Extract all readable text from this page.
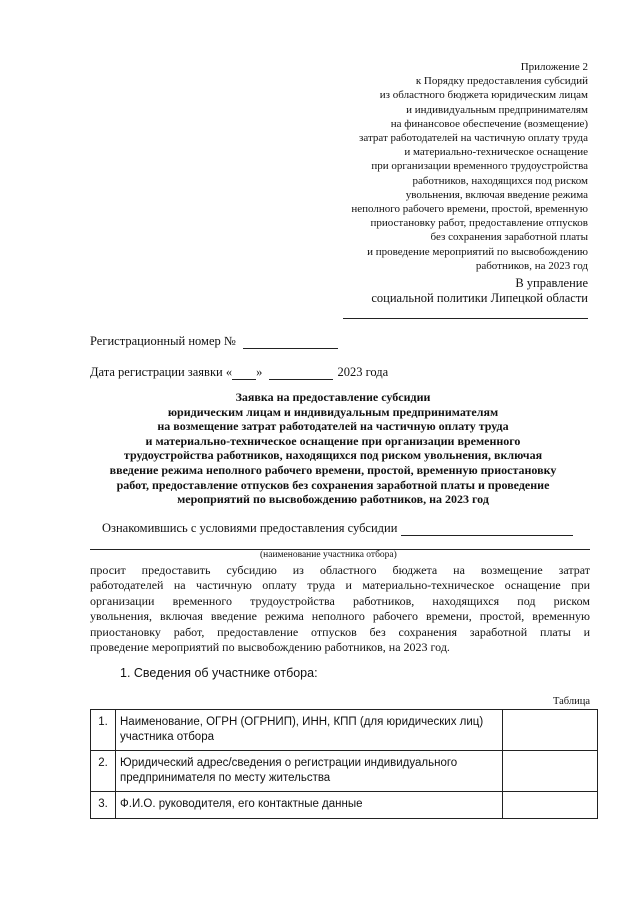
Приложение 2
к Порядку предоставления субсидий
из областного бюджета юридическим лицам
и индивидуальным предпринимателям
на финансовое обеспечение (возмещение)
затрат работодателей на частичную оплату труда
и материально-техническое оснащение
при организации временного трудоустройства
работников, находящихся под риском
увольнения, включая введение режима
неполного рабочего времени, простой, временную
приостановку работ, предоставление отпусков
без сохранения заработной платы
и проведение мероприятий по высвобождению
работников, на 2023 год
В управление
социальной политики Липецкой области
Регистрационный номер №
Дата регистрации заявки « »	2023 года
Заявка на предоставление субсидии
юридическим лицам и индивидуальным предпринимателям
на возмещение затрат работодателей на частичную оплату труда
и материально-техническое оснащение при организации временного
трудоустройства работников, находящихся под риском увольнения, включая
введение режима неполного рабочего времени, простой, временную приостановку
работ, предоставление отпусков без сохранения заработной платы и проведение
мероприятий по высвобождению работников, на 2023 год
Ознакомившись с условиями предоставления субсидии
(наименование участника отбора)
просит предоставить субсидию из областного бюджета на возмещение затрат
работодателей на частичную оплату труда и материально-техническое оснащение при
организации временного трудоустройства работников, находящихся под риском
увольнения, включая введение режима неполного рабочего времени, простой, временную
приостановку работ, предоставление отпусков без сохранения заработной платы и
проведение мероприятий по высвобождению работников, на 2023 год.
1. Сведения об участнике отбора:
Таблица
1.	Наименование, ОГРН (ОГРНИП), ИНН, КПП (для юридических лиц) участника отбора	
2.	Юридический адрес/сведения о регистрации индивидуального предпринимателя по месту жительства	
3.	Ф.И.О. руководителя, его контактные данные	
